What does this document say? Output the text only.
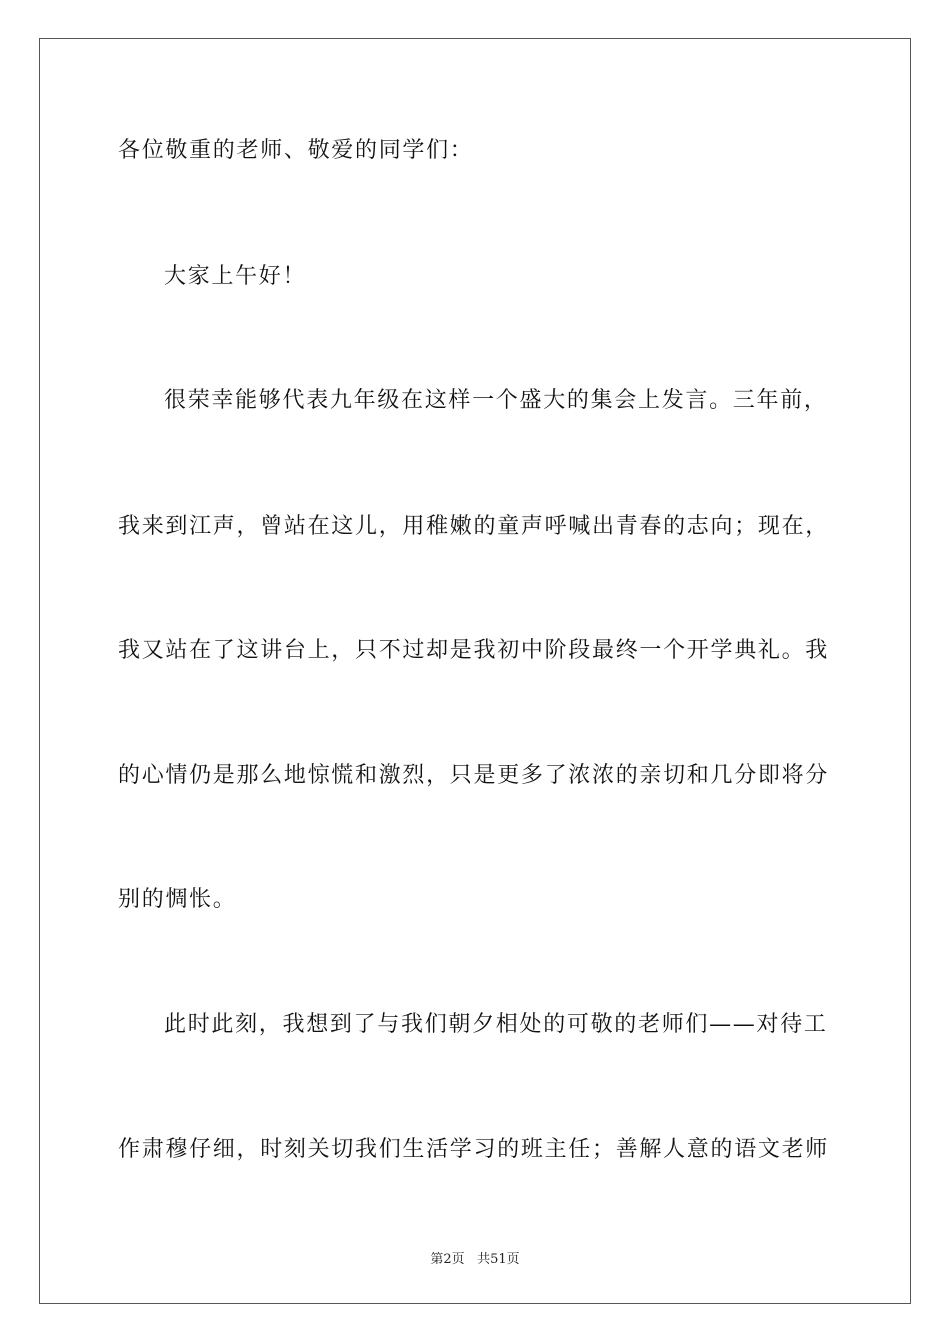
各位敬重的老师、敬爱的同学们：

大家上午好！

很荣幸能够代表九年级在这样一个盛大的集会上发言。三年前，

我来到江声，曾站在这儿，用稚嫩的童声呼喊出青春的志向；现在，

我又站在了这讲台上，只不过却是我初中阶段最终一个开学典礼。我

的心情仍是那么地惊慌和激烈，只是更多了浓浓的亲切和几分即将分

别的惆怅。

此时此刻，我想到了与我们朝夕相处的可敬的老师们——对待工

作肃穆仔细，时刻关切我们生活学习的班主任；善解人意的语文老师

第2页 共51页
